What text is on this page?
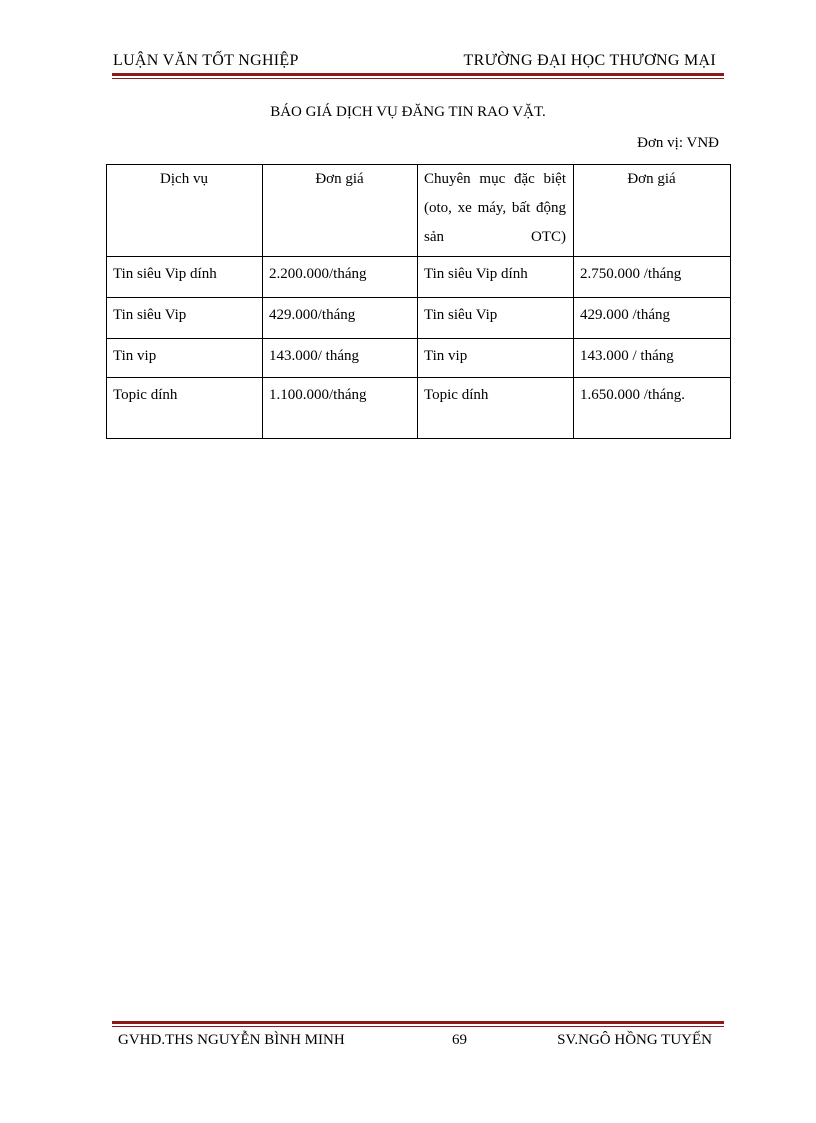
LUẬN VĂN TỐT NGHIỆP	TRƯỜNG ĐẠI HỌC THƯƠNG MẠI
BÁO GIÁ DỊCH VỤ ĐĂNG TIN RAO VẶT.
Đơn vị: VNĐ
Dịch vụ	Đơn giá	Chuyên mục đặc biệt (oto, xe máy, bất động sản OTC)	Đơn giá
Tin siêu Vip dính	2.200.000/tháng	Tin siêu Vip dính	2.750.000 /tháng
Tin siêu Vip	429.000/tháng	Tin siêu Vip	429.000 /tháng
Tin vip	143.000/ tháng	Tin vip	143.000 / tháng
Topic dính	1.100.000/tháng	Topic dính	1.650.000 /tháng.
GVHD.THS NGUYỄN BÌNH MINH	69	SV.NGÔ HỒNG TUYẾN
